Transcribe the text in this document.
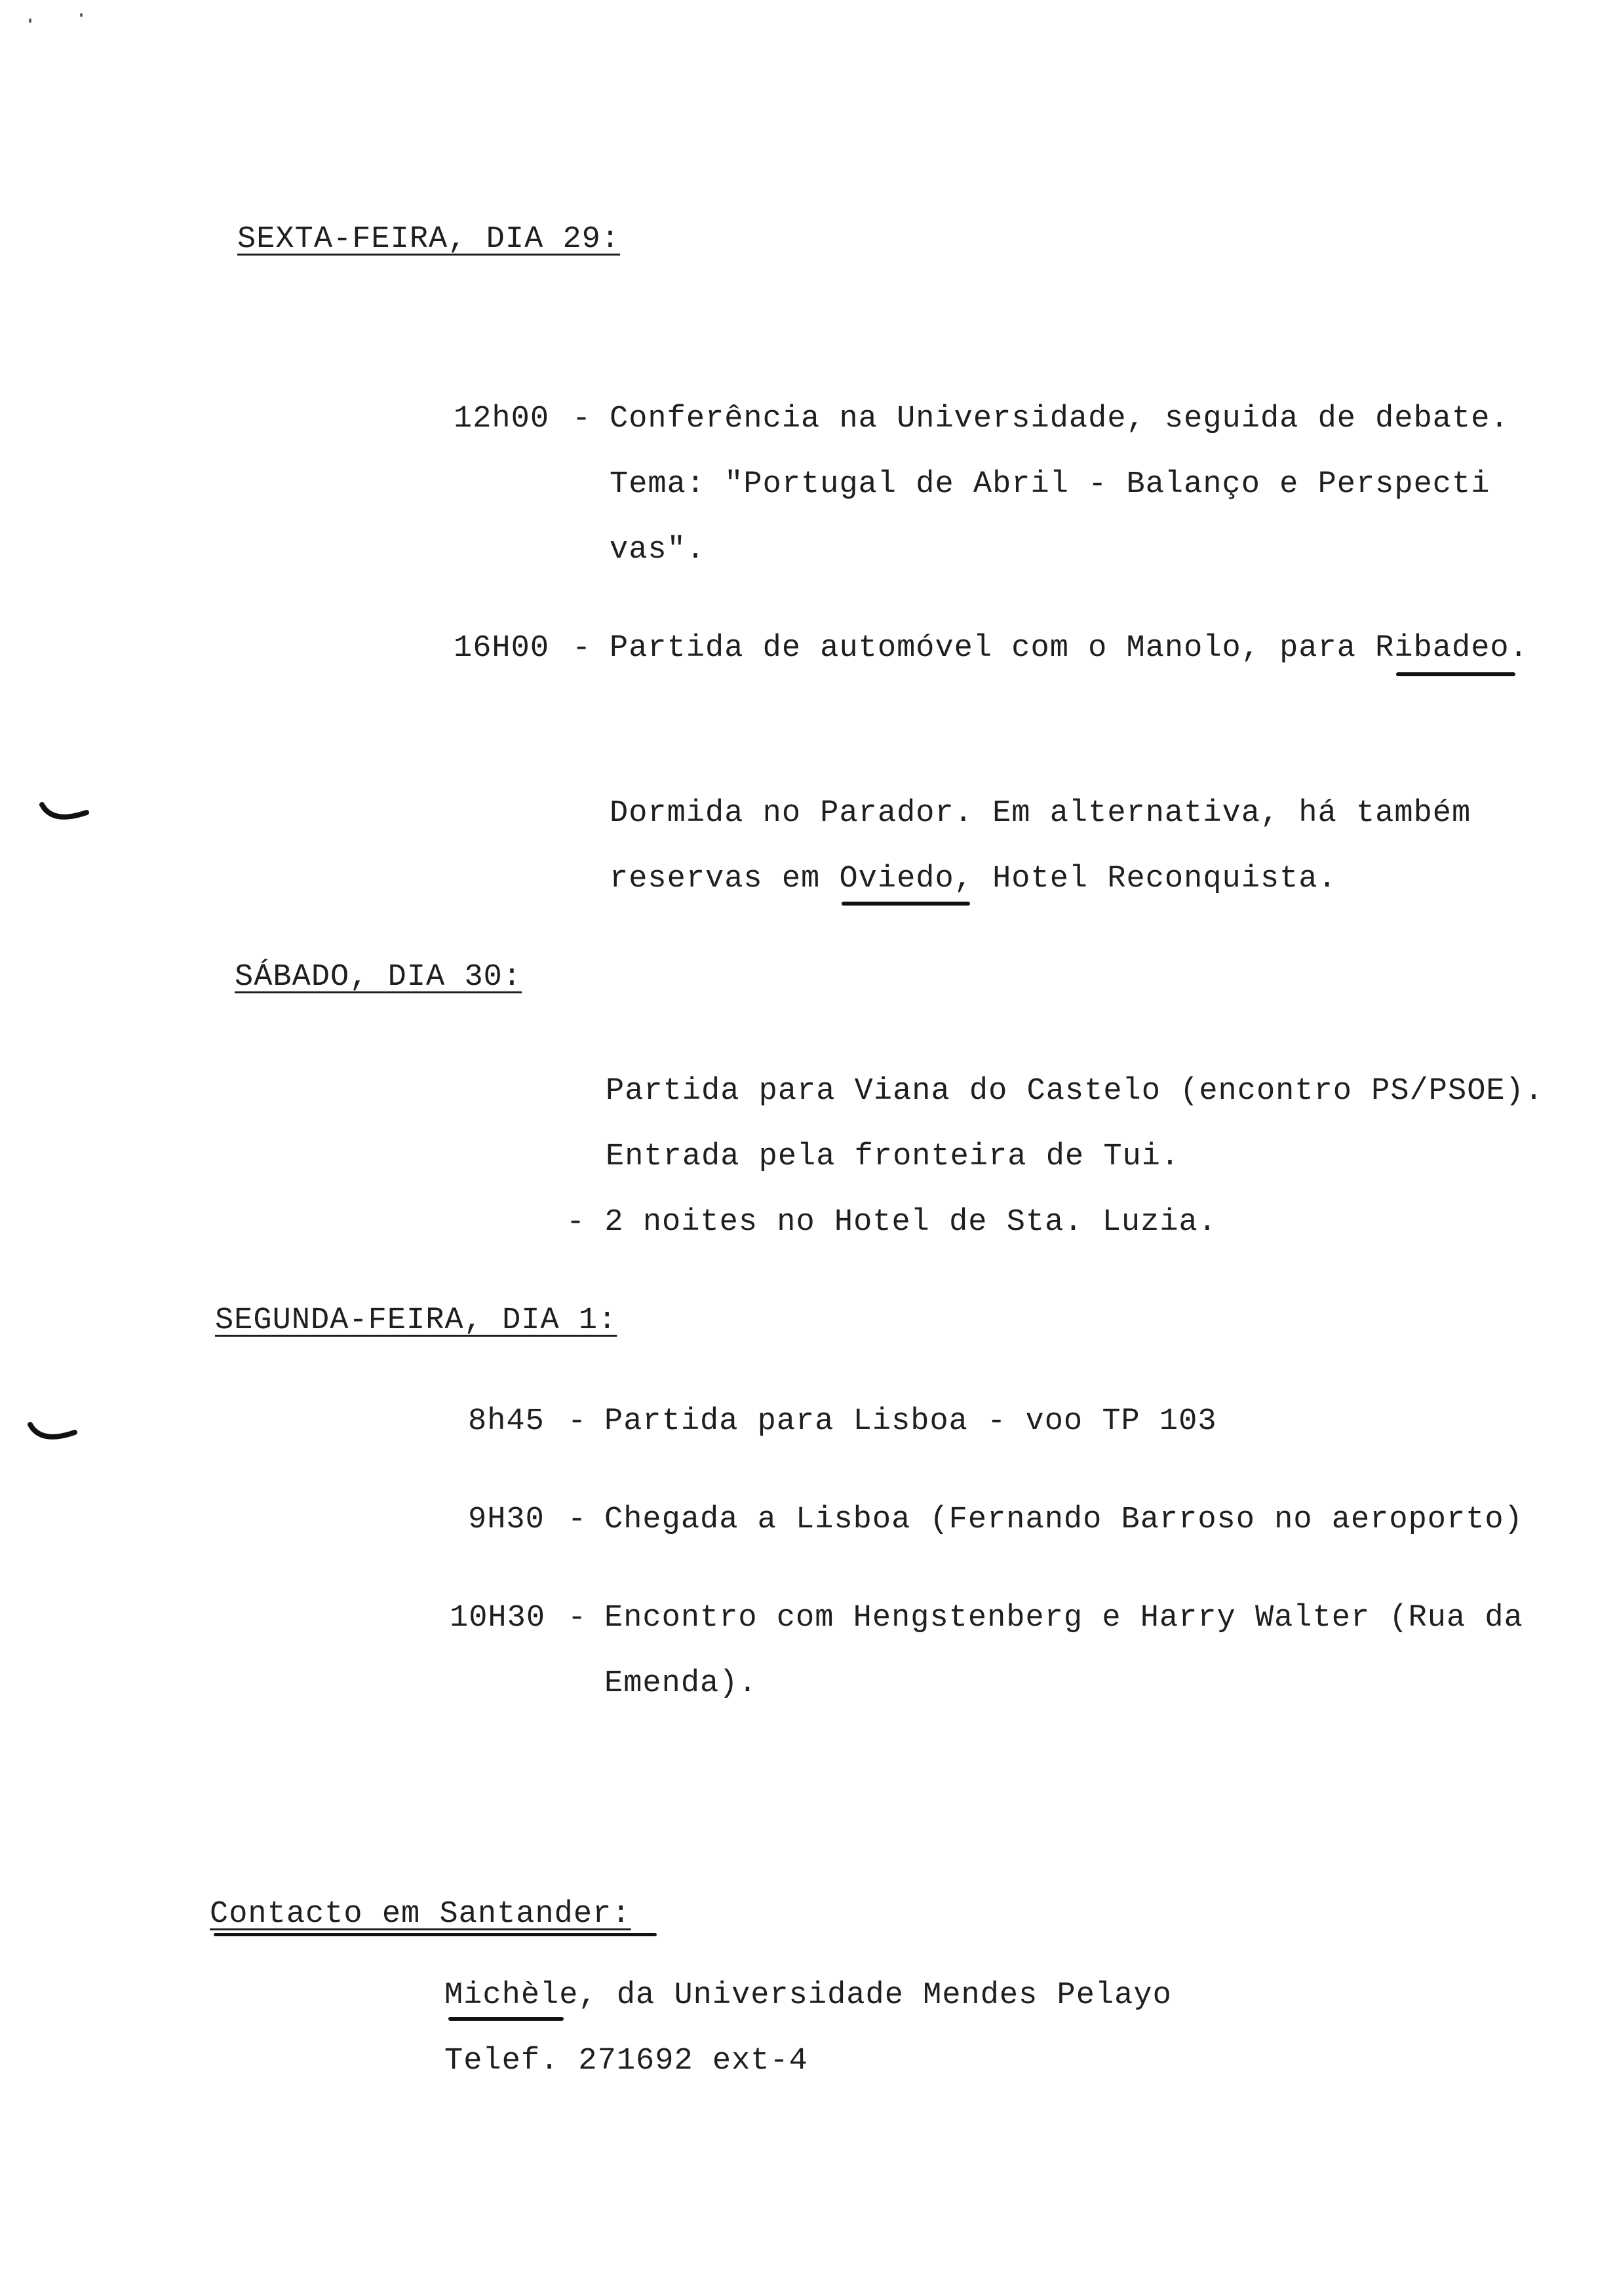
SEXTA-FEIRA, DIA 29:
12h00 - Conferência na Universidade, seguida de debate.
Tema: "Portugal de Abril - Balanço e Perspecti
vas".
16H00 - Partida de automóvel com o Manolo, para Ribadeo.
Dormida no Parador. Em alternativa, há também
reservas em Oviedo, Hotel Reconquista.
SÁBADO, DIA 30:
Partida para Viana do Castelo (encontro PS/PSOE).
Entrada pela fronteira de Tui.
- 2 noites no Hotel de Sta. Luzia.
SEGUNDA-FEIRA, DIA 1:
8h45 - Partida para Lisboa - voo TP 103
9H30 - Chegada a Lisboa (Fernando Barroso no aeroporto)
10H30 - Encontro com Hengstenberg e Harry Walter (Rua da
Emenda).
Contacto em Santander:
Michèle, da Universidade Mendes Pelayo
Telef. 271692 ext-4
